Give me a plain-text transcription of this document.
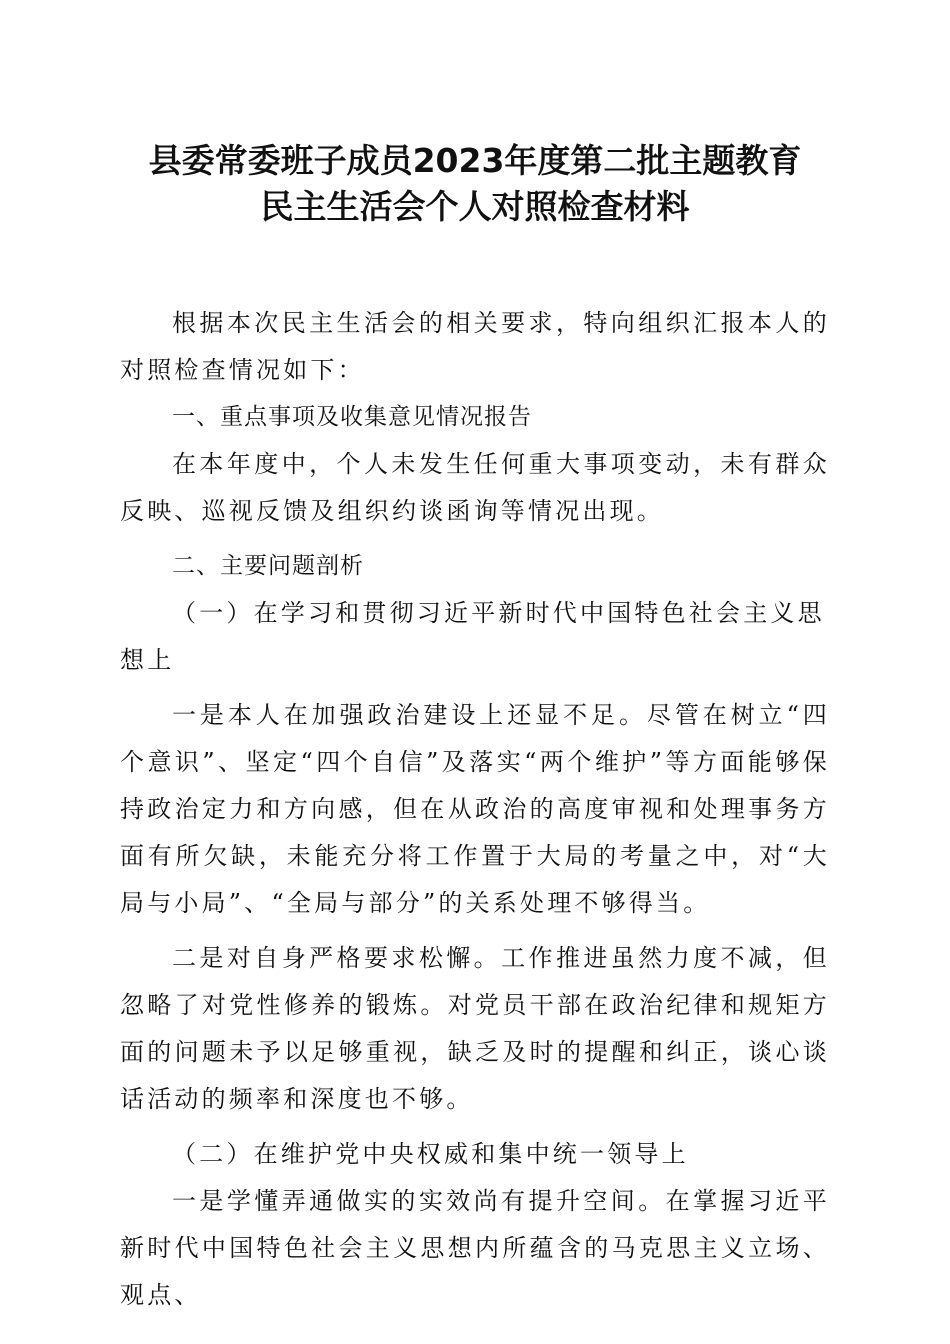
县委常委班子成员2023年度第二批主题教育
民主生活会个人对照检查材料

根据本次民主生活会的相关要求，特向组织汇报本人的对照检查情况如下：

一、重点事项及收集意见情况报告

在本年度中，个人未发生任何重大事项变动，未有群众反映、巡视反馈及组织约谈函询等情况出现。

二、主要问题剖析

（一）在学习和贯彻习近平新时代中国特色社会主义思想上

一是本人在加强政治建设上还显不足。尽管在树立“四个意识”、坚定“四个自信”及落实“两个维护”等方面能够保持政治定力和方向感，但在从政治的高度审视和处理事务方面有所欠缺，未能充分将工作置于大局的考量之中，对“大局与小局”、“全局与部分”的关系处理不够得当。

二是对自身严格要求松懈。工作推进虽然力度不减，但忽略了对党性修养的锻炼。对党员干部在政治纪律和规矩方面的问题未予以足够重视，缺乏及时的提醒和纠正，谈心谈话活动的频率和深度也不够。

（二）在维护党中央权威和集中统一领导上

一是学懂弄通做实的实效尚有提升空间。在掌握习近平新时代中国特色社会主义思想内所蕴含的马克思主义立场、观点、
